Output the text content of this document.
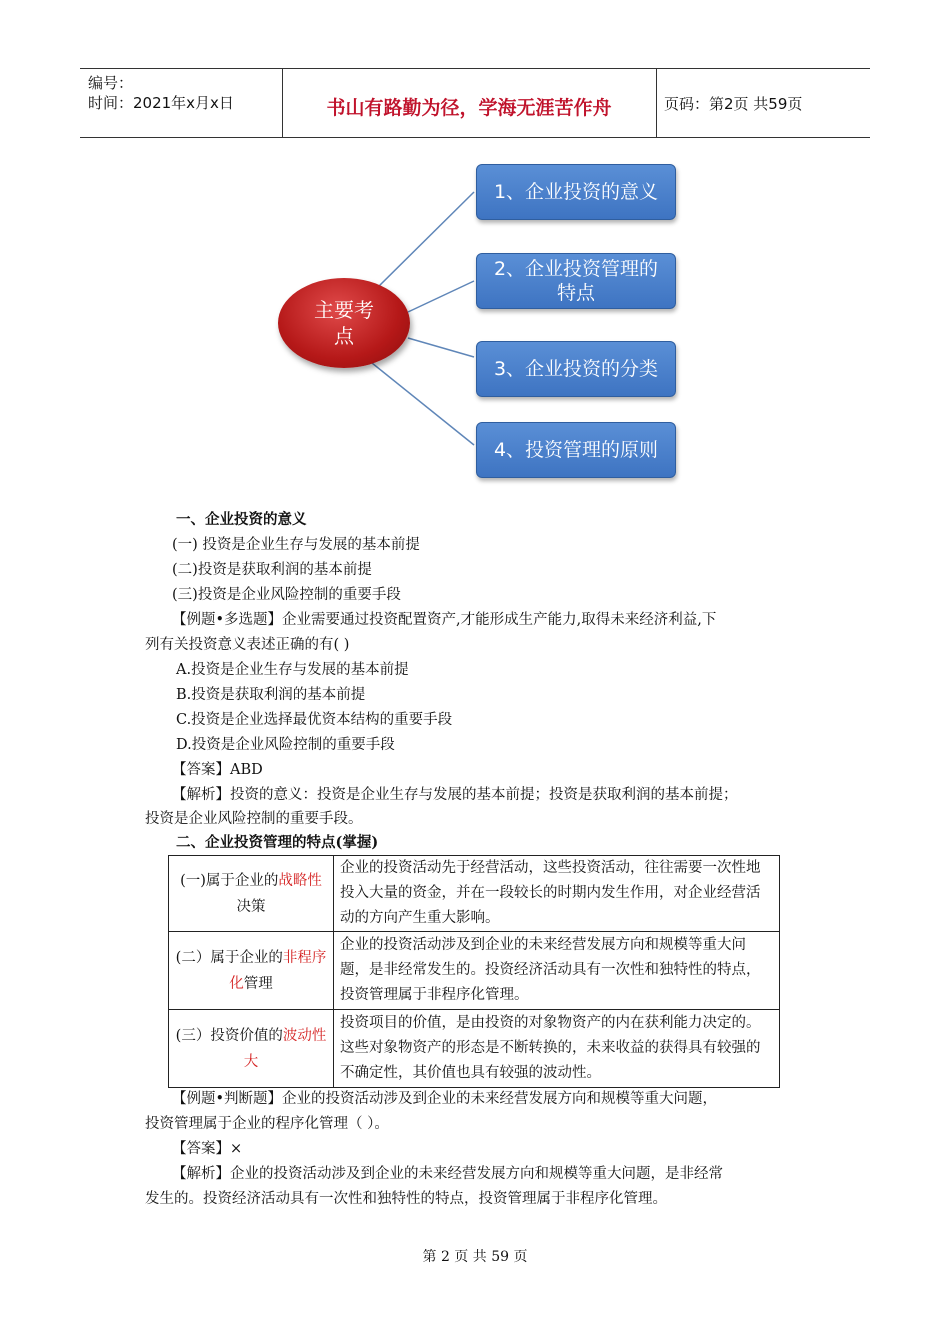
编号：
时间：2021年x月x日	书山有路勤为径，学海无涯苦作舟	页码：第2页 共59页
主要考点
1、企业投资的意义
2、企业投资管理的特点
3、企业投资的分类
4、投资管理的原则
一、企业投资的意义
(一) 投资是企业生存与发展的基本前提
(二)投资是获取利润的基本前提
(三)投资是企业风险控制的重要手段
【例题•多选题】企业需要通过投资配置资产,才能形成生产能力,取得未来经济利益,下
列有关投资意义表述正确的有( )
A.投资是企业生存与发展的基本前提
B.投资是获取利润的基本前提
C.投资是企业选择最优资本结构的重要手段
D.投资是企业风险控制的重要手段
【答案】ABD
【解析】投资的意义：投资是企业生存与发展的基本前提；投资是获取利润的基本前提；
投资是企业风险控制的重要手段。
二、企业投资管理的特点(掌握)
(一)属于企业的战略性决策	企业的投资活动先于经营活动，这些投资活动，往往需要一次性地投入大量的资金，并在一段较长的时期内发生作用，对企业经营活动的方向产生重大影响。
(二）属于企业的非程序化管理	企业的投资活动涉及到企业的未来经营发展方向和规模等重大问题，是非经常发生的。投资经济活动具有一次性和独特性的特点，投资管理属于非程序化管理。
(三）投资价值的波动性大	投资项目的价值，是由投资的对象物资产的内在获利能力决定的。这些对象物资产的形态是不断转换的，未来收益的获得具有较强的不确定性，其价值也具有较强的波动性。
【例题•判断题】企业的投资活动涉及到企业的未来经营发展方向和规模等重大问题，
投资管理属于企业的程序化管理（ ）。
【答案】×
【解析】企业的投资活动涉及到企业的未来经营发展方向和规模等重大问题，是非经常
发生的。投资经济活动具有一次性和独特性的特点，投资管理属于非程序化管理。
第 2 页 共 59 页
